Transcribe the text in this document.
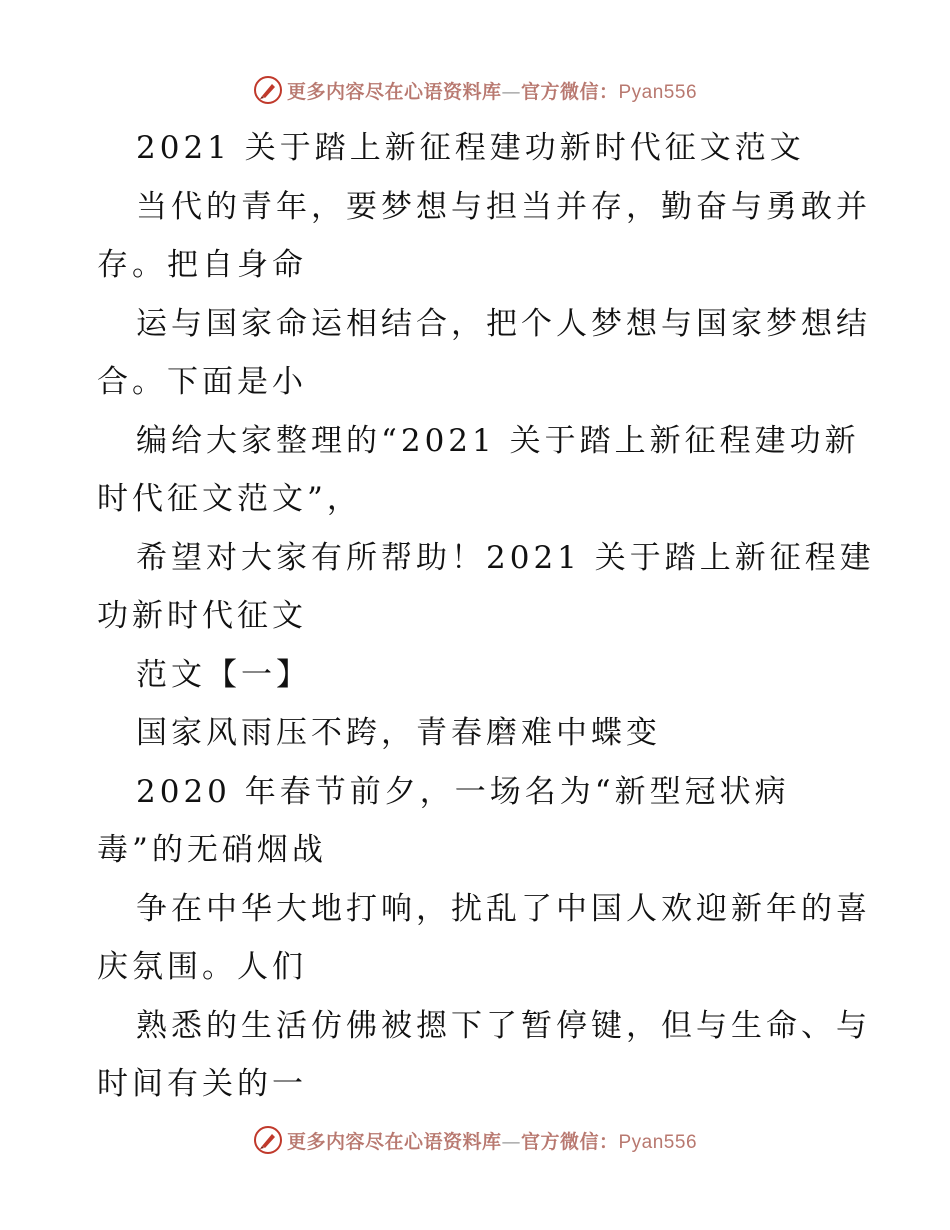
更多内容尽在心语资料库—官方微信：Pyan556
2021 关于踏上新征程建功新时代征文范文
当代的青年，要梦想与担当并存，勤奋与勇敢并
存。把自身命
运与国家命运相结合，把个人梦想与国家梦想结
合。下面是小
编给大家整理的“2021 关于踏上新征程建功新
时代征文范文”，
希望对大家有所帮助！2021 关于踏上新征程建
功新时代征文
范文【一】
国家风雨压不跨，青春磨难中蝶变
2020 年春节前夕，一场名为“新型冠状病
毒”的无硝烟战
争在中华大地打响，扰乱了中国人欢迎新年的喜
庆氛围。人们
熟悉的生活仿佛被摁下了暂停键，但与生命、与
时间有关的一
更多内容尽在心语资料库—官方微信：Pyan556
